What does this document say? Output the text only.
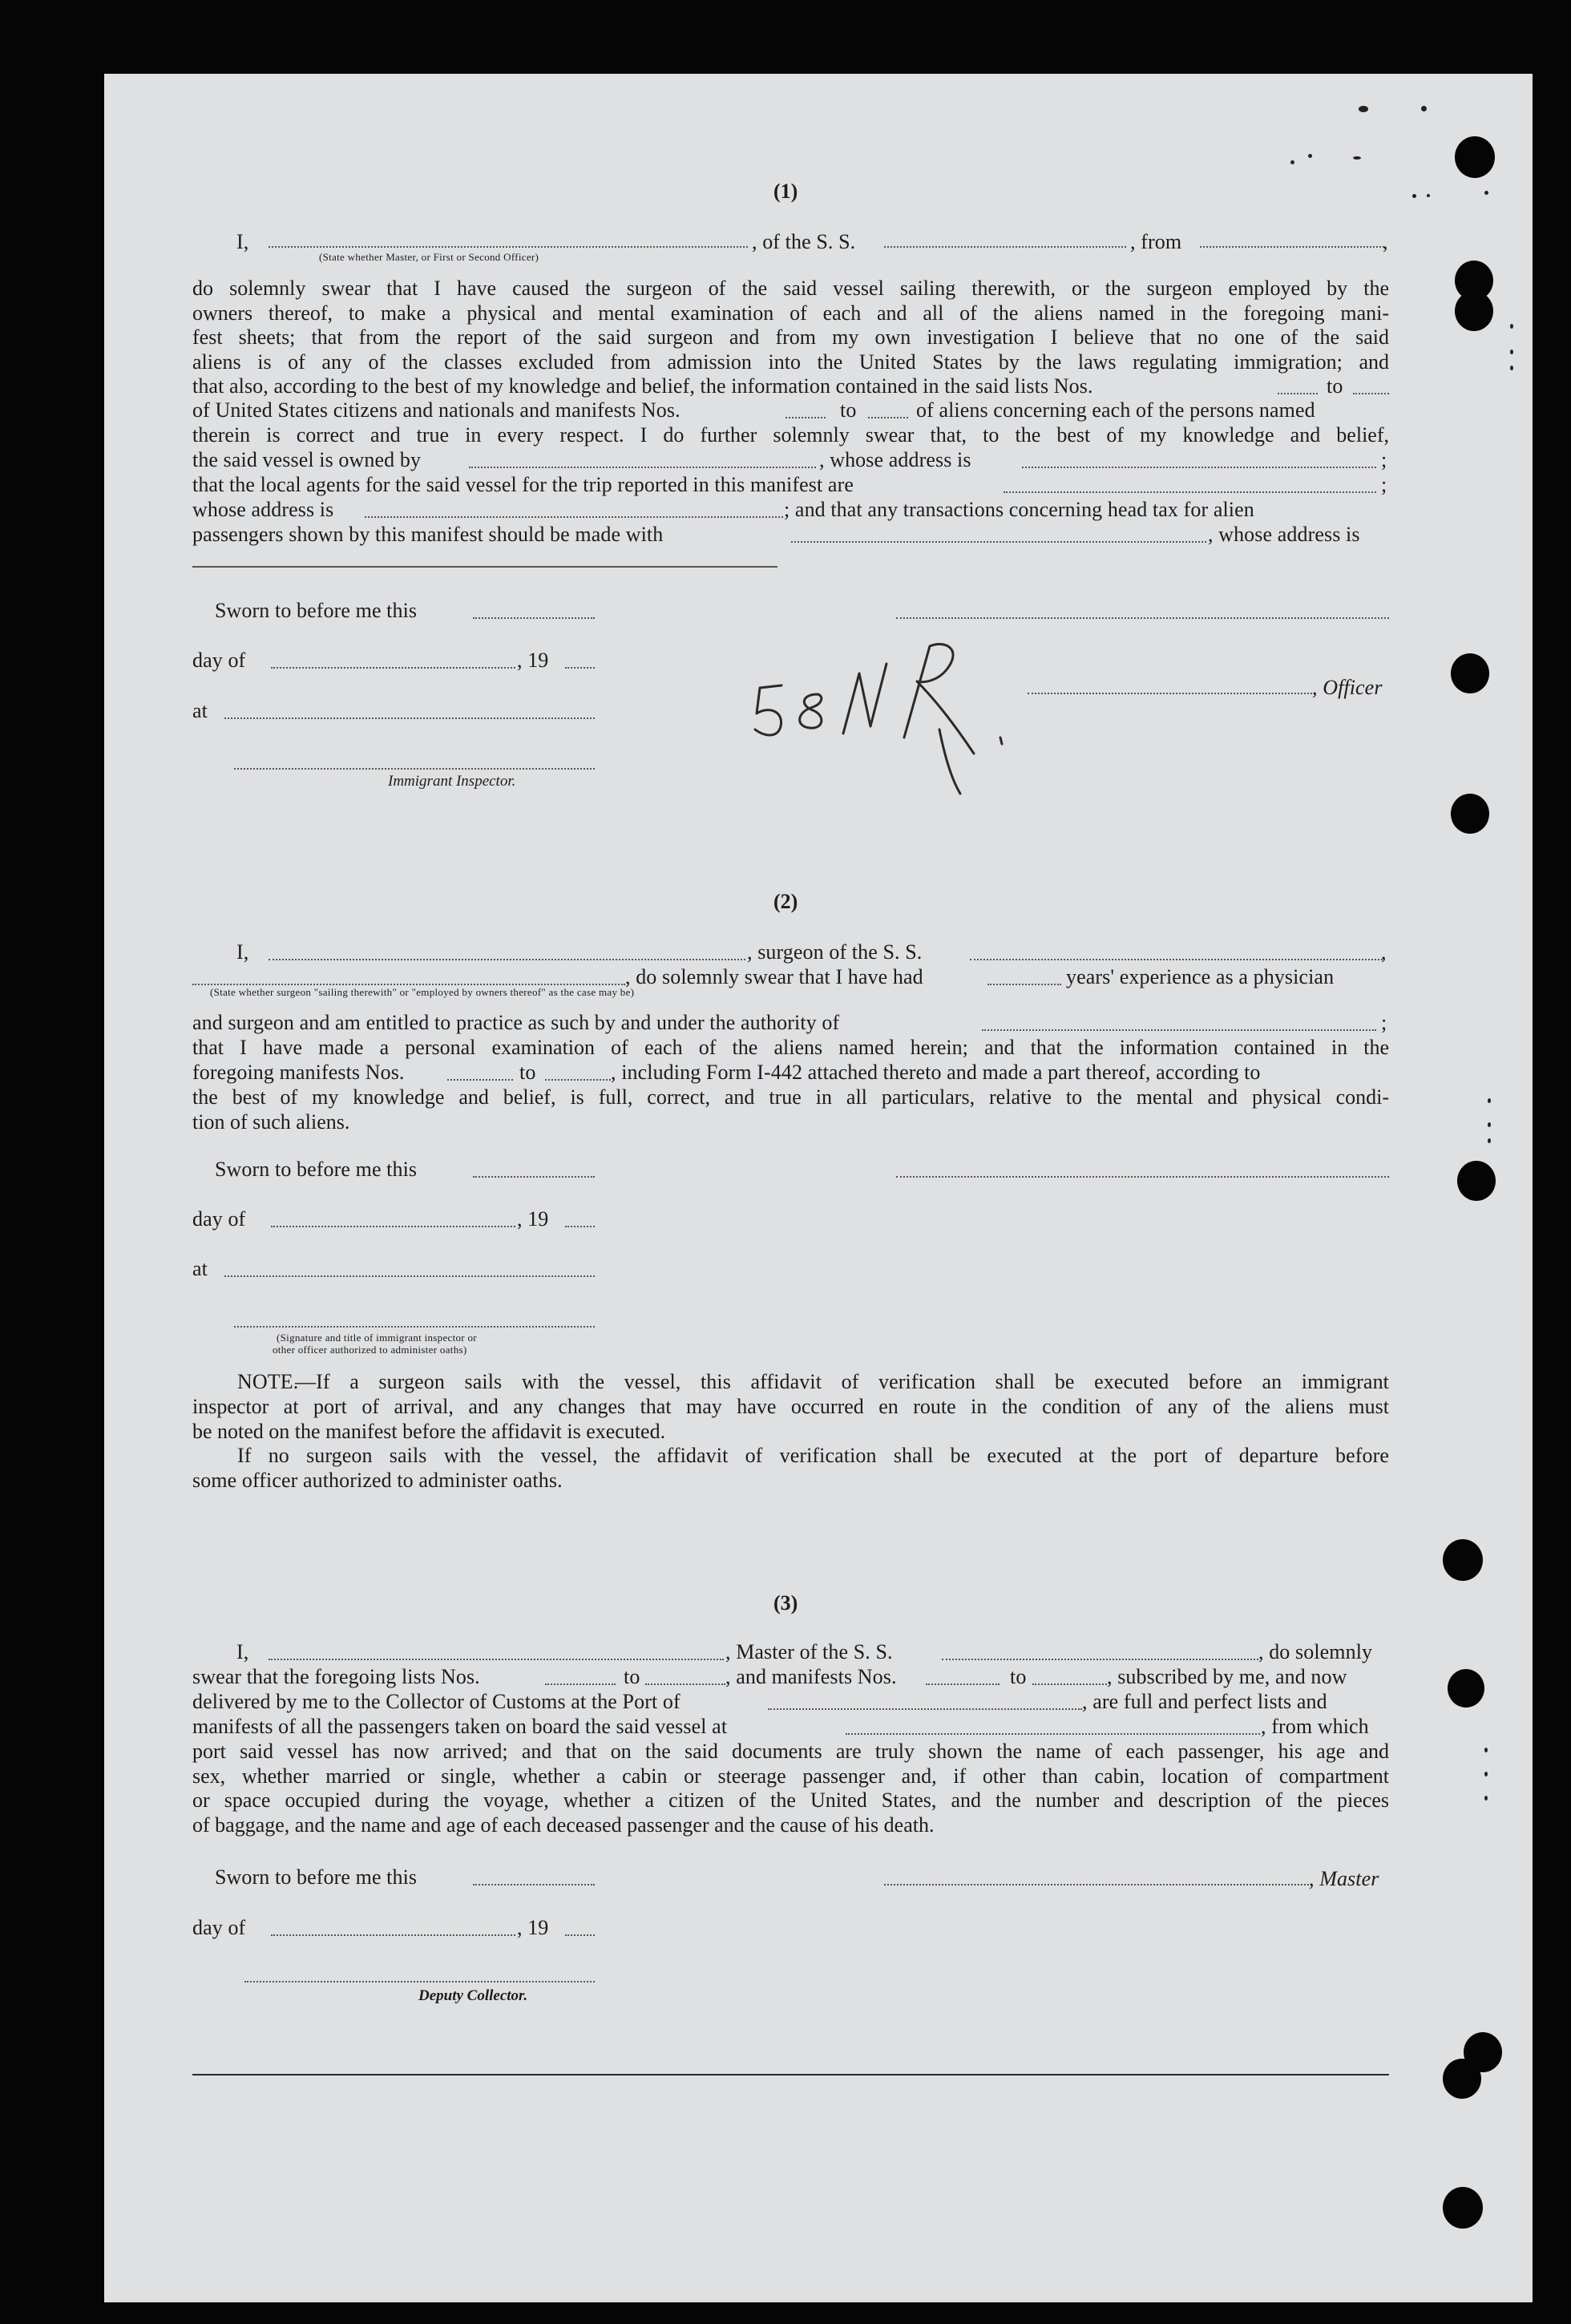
(1)
I,	, of the S. S.	, from	,
(State whether Master, or First or Second Officer)

do solemnly swear that I have caused the surgeon of the said vessel sailing therewith, or the surgeon employed by the

owners thereof, to make a physical and mental examination of each and all of the aliens named in the foregoing mani-

fest sheets; that from the report of the said surgeon and from my own investigation I believe that no one of the said

aliens is of any of the classes excluded from admission into the United States by the laws regulating immigration; and

that also, according to the best of my knowledge and belief, the information contained in the said lists Nos.	to
of United States citizens and nationals and manifests Nos.	to	of aliens concerning each of the persons named

therein is correct and true in every respect. I do further solemnly swear that, to the best of my knowledge and belief,

the said vessel is owned by	, whose address is	;
that the local agents for the said vessel for the trip reported in this manifest are	;
whose address is	; and that any transactions concerning head tax for alien
passengers shown by this manifest should be made with	, whose address is
Sworn to before me this
day of	, 19
, Officer
at
Immigrant Inspector.
58 NR
(2)
I,	, surgeon of the S. S.	,
, do solemnly swear that I have had	years' experience as a physician
(State whether surgeon "sailing therewith" or "employed by owners thereof" as the case may be)
and surgeon and am entitled to practice as such by and under the authority of	;

that I have made a personal examination of each of the aliens named herein; and that the information contained in the

foregoing manifests Nos.	to	, including Form I-442 attached thereto and made a part thereof, according to

the best of my knowledge and belief, is full, correct, and true in all particulars, relative to the mental and physical condi-

tion of such aliens.

Sworn to before me this
day of	, 19
at
(Signature and title of immigrant inspector or
other officer authorized to administer oaths)
NOTE.
—If a surgeon sails with the vessel, this affidavit of verification shall be executed before an immigrant

inspector at port of arrival, and any changes that may have occurred en route in the condition of any of the aliens must

be noted on the manifest before the affidavit is executed.

If no surgeon sails with the vessel, the affidavit of verification shall be executed at the port of departure before
some officer authorized to administer oaths.
(3)
I,	, Master of the S. S.	, do solemnly
swear that the foregoing lists Nos.	to	, and manifests Nos.	to	, subscribed by me, and now
delivered by me to the Collector of Customs at the Port of	, are full and perfect lists and
manifests of all the passengers taken on board the said vessel at	, from which

port said vessel has now arrived; and that on the said documents are truly shown the name of each passenger, his age and

sex, whether married or single, whether a cabin or steerage passenger and, if other than cabin, location of compartment

or space occupied during the voyage, whether a citizen of the United States, and the number and description of the pieces

of baggage, and the name and age of each deceased passenger and the cause of his death.

Sworn to before me this	, Master
day of	, 19
Deputy Collector.
